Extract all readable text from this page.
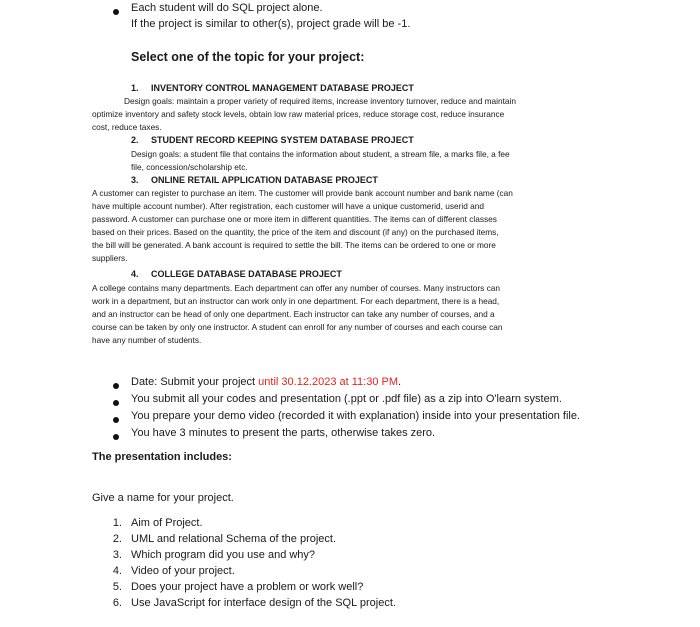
Each student will do SQL project alone.
If the project is similar to other(s), project grade will be -1.
Select one of the topic for your project:
1. INVENTORY CONTROL MANAGEMENT DATABASE PROJECT
Design goals: maintain a proper variety of required items, increase inventory turnover, reduce and maintain
optimize inventory and safety stock levels, obtain low raw material prices, reduce storage cost, reduce insurance
cost, reduce taxes.
2. STUDENT RECORD KEEPING SYSTEM DATABASE PROJECT
Design goals: a student file that contains the information about student, a stream file, a marks file, a fee
file, concession/scholarship etc.
3. ONLINE RETAIL APPLICATION DATABASE PROJECT
A customer can register to purchase an item. The customer will provide bank account number and bank name (can
have multiple account number). After registration, each customer will have a unique customerid, userid and
password. A customer can purchase one or more item in different quantities. The items can of different classes
based on their prices. Based on the quantity, the price of the item and discount (if any) on the purchased items,
the bill will be generated. A bank account is required to settle the bill. The items can be ordered to one or more
suppliers.
4. COLLEGE DATABASE DATABASE PROJECT
A college contains many departments. Each department can offer any number of courses. Many instructors can
work in a department, but an instructor can work only in one department. For each department, there is a head,
and an instructor can be head of only one department. Each instructor can take any number of courses, and a
course can be taken by only one instructor. A student can enroll for any number of courses and each course can
have any number of students.
Date: Submit your project until 30.12.2023 at 11:30 PM.
You submit all your codes and presentation (.ppt or .pdf file) as a zip into O'learn system.
You prepare your demo video (recorded it with explanation) inside into your presentation file.
You have 3 minutes to present the parts, otherwise takes zero.
The presentation includes:
Give a name for your project.
1. Aim of Project.
2. UML and relational Schema of the project.
3. Which program did you use and why?
4. Video of your project.
5. Does your project have a problem or work well?
6. Use JavaScript for interface design of the SQL project.
